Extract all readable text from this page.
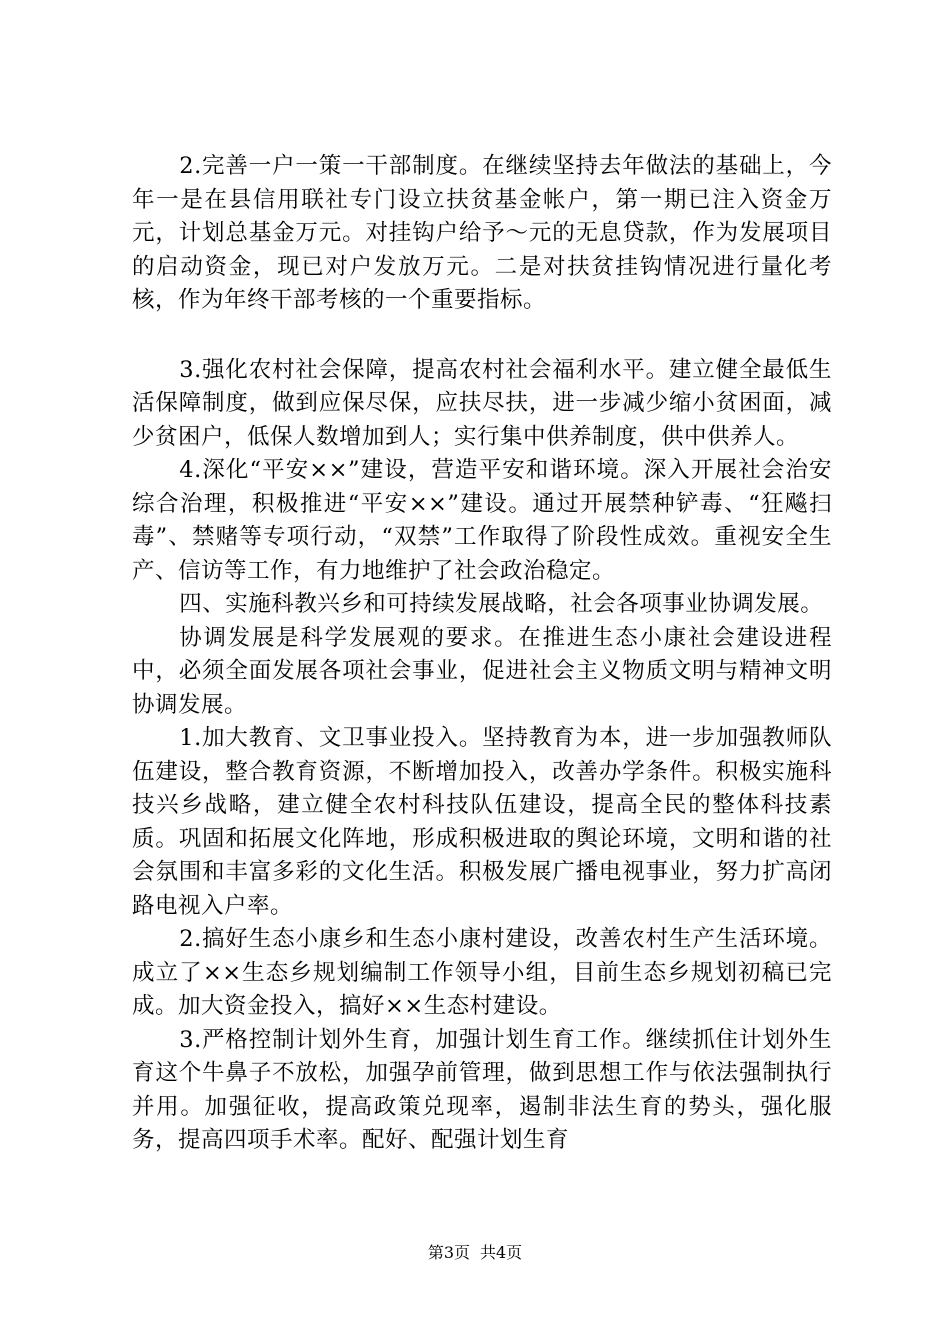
2.完善一户一策一干部制度。在继续坚持去年做法的基础上，今年一是在县信用联社专门设立扶贫基金帐户，第一期已注入资金万元，计划总基金万元。对挂钩户给予～元的无息贷款，作为发展项目的启动资金，现已对户发放万元。二是对扶贫挂钩情况进行量化考核，作为年终干部考核的一个重要指标。

3.强化农村社会保障，提高农村社会福利水平。建立健全最低生活保障制度，做到应保尽保，应扶尽扶，进一步减少缩小贫困面，减少贫困户，低保人数增加到人；实行集中供养制度，供中供养人。

4.深化“平安××”建设，营造平安和谐环境。深入开展社会治安综合治理，积极推进“平安××”建设。通过开展禁种铲毒、“狂飚扫毒”、禁赌等专项行动，“双禁”工作取得了阶段性成效。重视安全生产、信访等工作，有力地维护了社会政治稳定。

四、实施科教兴乡和可持续发展战略，社会各项事业协调发展。

协调发展是科学发展观的要求。在推进生态小康社会建设进程中，必须全面发展各项社会事业，促进社会主义物质文明与精神文明协调发展。

1.加大教育、文卫事业投入。坚持教育为本，进一步加强教师队伍建设，整合教育资源，不断增加投入，改善办学条件。积极实施科技兴乡战略，建立健全农村科技队伍建设，提高全民的整体科技素质。巩固和拓展文化阵地，形成积极进取的舆论环境，文明和谐的社会氛围和丰富多彩的文化生活。积极发展广播电视事业，努力扩高闭路电视入户率。

2.搞好生态小康乡和生态小康村建设，改善农村生产生活环境。成立了××生态乡规划编制工作领导小组，目前生态乡规划初稿已完成。加大资金投入，搞好××生态村建设。

3.严格控制计划外生育，加强计划生育工作。继续抓住计划外生育这个牛鼻子不放松，加强孕前管理，做到思想工作与依法强制执行并用。加强征收，提高政策兑现率，遏制非法生育的势头，强化服务，提高四项手术率。配好、配强计划生育

第3页 共4页
